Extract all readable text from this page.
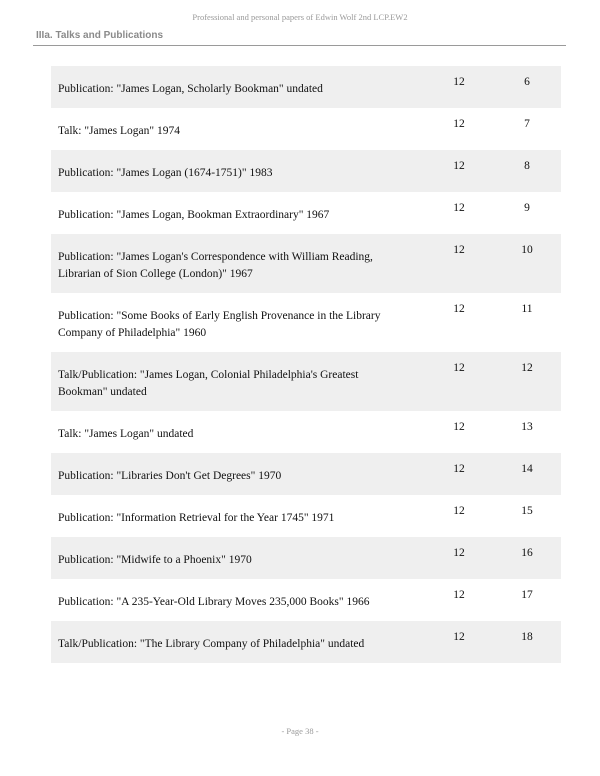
Professional and personal papers of Edwin Wolf 2nd LCP.EW2
IIIa. Talks and Publications
Publication: "James Logan, Scholarly Bookman" undated
12	6
Talk: "James Logan" 1974
12	7
Publication: "James Logan (1674-1751)" 1983
12	8
Publication: "James Logan, Bookman Extraordinary" 1967
12	9
Publication: "James Logan's Correspondence with William Reading, Librarian of Sion College (London)" 1967
12	10
Publication: "Some Books of Early English Provenance in the Library Company of Philadelphia" 1960
12	11
Talk/Publication: "James Logan, Colonial Philadelphia's Greatest Bookman" undated
12	12
Talk: "James Logan" undated
12	13
Publication: "Libraries Don't Get Degrees" 1970
12	14
Publication: "Information Retrieval for the Year 1745" 1971
12	15
Publication: "Midwife to a Phoenix" 1970
12	16
Publication: "A 235-Year-Old Library Moves 235,000 Books" 1966
12	17
Talk/Publication: "The Library Company of Philadelphia" undated
12	18
- Page 38 -
